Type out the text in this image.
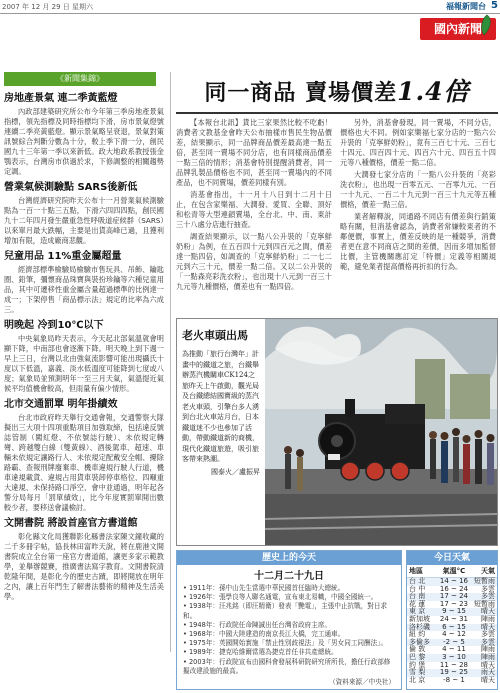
2007 年 12 月 29 日 星期六	福報新聞台 5
國內新聞
《新聞集錦》
房地產景氣 連二季黃藍燈

內政部建築研究所公布今年第三季房地產景氣指標，領先指標及同時指標均下滑，房市景氣燈號連續二季亮黃藍燈。顯示景氣略呈衰退，景氣對策訊號綜合判斷分數為十分，較上季下滑一分，創民國九十三年第一季以來新低。政大地政系教授張金鶚表示，台灣房市供過於求，下修調整的相關趨勢定調。

營業氣候測驗點 SARS後新低

台灣經濟研究院昨天公布十一月營業氣候測驗點為一百一十點三五點，下滑六四四四點，創民國九十二年四月發生嚴重急性呼吸道症候群（SARS）以來單月最大跌幅，主要是出貨高峰已過，且獲利增加有限，造成廠商悲觀。

兒童用品 11%重金屬超量

經濟部標準檢驗局檢驗市售玩具、吊飾、鑰匙圈、鉛筆，彌懷商品珠寶與裝扮珍鑰等六種兒童用品，其中可遷移性重金屬含量超過標準的比例達一成一；下架停售「商品標示法」規定的比率為六成三。

明晚起 冷到10℃以下

中央氣象局昨天表示，今天起北部氣溫就會明顯下降，中南部也會逐漸下降。明天晚上到下週一早上三日，台灣以北由強氣流影響可能出現攝氏十度以下低溫，嘉義、淡水低溫度可能降到七度或八度；氣象局並預測明年一至三月天氣，氣溫提近氣候平均值機會較高，但雨量有偏少情形。

北市交通罰單 明年掛績效

台北市政府昨天舉行交通會報，交通警察大隊擬出三大項十四項重點項目加強取締，包括違反號誌管制（闖紅燈、不依號誌行駛）、未依規定轉彎、跨越雙白線（雙黃線）、酒後駕車、超速、車輛未依規定讓路行人、未依規定配戴安全帽、擾除路霸、查報刑牌廢棄車、機車違規行駛人行道，機車違規載貨、違規占用貨車裝卸停車格位、四噸重大違規、未保持路口淨空、會中並通過，明年起各警分局每月「罰單績效」，比今年度實罰單開出數較少者，要移送會議檢討。

文開書院 將設首座官方書道館

彰化縣文化局獲聯影化縣書法家陳文鐘收藏的二千多冊字帖，協長林田富昨天說，將在鹿港文開書院成立全台第一座官方書道館，讓更多家示範教學，並舉辦競賽，推廣書法寫字教育。文開書院清乾隆年間，是彰化今的歷史古蹟，即將開放在明年之內，讓上百年門生了解書法藝術的精神及生活美學。

同一商品 賣場價差1.4倍

【本報台北訊】貨比三家果然比較不吃虧！消費者文教基金會昨天公布抽樣市售民生物品價差，結果顯示，同一品牌商品價差最高達一點五倍，甚至同一賣場不同分店，也有同樣商品價差一點三倍的情形；消基會特別提醒消費者，同一品牌乳製品價格也不同，甚至同一賣場內的不同產品，也不同賣場，價差同樣有別。

消基會指出，十一月十八日到十二月十日止，在包含家樂福、大潤發、愛買、全聯、頂好和松青等大型連鎖賣場，全台北、中、南、東計三十八處分店進行抽查。

調查結果顯示，以一點八公升裝的「克寧鮮奶粉」為例，在五百四十元到四百元之間，價差達一點四倍，如調查的「克寧鮮奶粉」二一七二元到六三十元，價差一點二倍。又以二公升裝的「一點森亮彩洗衣粉」，也出現十八元到一百三十九元等九種價格，價差也有一點四倍。

另外，消基會發現，同一賣場，不同分店，價格也大不同。例如家樂福七家分店的一點六公升裝的「克寧鮮奶粉」，竟有三百七十元、三百七十四元、四百四十元、四百六十元、四百五十四元等八種價格，價差一點二倍。

大潤發七家分店的「一點八公升裝的「亮彩洗衣粉」，也出現一百零五元、一百零九元、一百一十九元、一百二十九元到一百三十九元等五種價格，價差一點三倍。

業者解釋說，同通路不同店有價差與行銷策略有關，但消基會認為，消費者常嫌較東者的不鄰便價，事實上，價差反映的是一種競爭，消費者更在意不同商店之間的差價，因而多增加監督比價，主管機關應訂定「特價」定義等相關規範，避免業者提高價格再折扣的行為。

老火車頭出馬

為推動「旅行台灣年」計畫中的鐵道之旅，台鐵舉辦蒸汽機關車CK124之旅昨天上午啟動，觀光局及台鐵總結國寶級的蒸汽老火車頭，引擎台多人湧到台北火車站月台，日本鐵道迷不少也參加了活動，帶動鐵道新的商機，現代化鐵道旅遊，吸引旅客帶來熱潮。

國泰火／盧振昇

歷史上的今天
十二月二十九日
• 1911年：孫中山先生當選中華民國首任臨時大總統。
• 1926年：張學良等人聯名通電，宣布東北易幟，中國全國統一。
• 1938年：汪兆銘（即汪精衛）發表「艷電」，主張中止抗戰，對日求和。
• 1948年：行政院任命陳誠出任台灣省政府主席。
• 1968年：中國大陸建造的南京長江大橋，完工通車。
• 1975年：英國開始實施「禁止性別歧視法」及「男女同工同酬法」。
• 1989年：捷克哈維爾當選為捷克首任非共產總統。
• 2003年：行政院宣布由國科會發展科研院研究所所長，擔任行政部修擬改建設施的最高。
（資料來源／中央社）
今日天氣
地區	氣溫°C	天氣
台 北	14 ~ 16 短暫雨
台 中	16 ~ 24	多雲
台 南	17 ~ 24	多雲
花 蓮	17 ~ 23 短暫雨
東 京	9 ~ 15	晴天
新加坡	24 ~ 31	陣雨
洛杉磯	6 ~ 15	晴天
紐 約	4 ~ 12	多雲
多倫多	-2 ~ 5	多雲
倫 敦	4 ~ 11	陣雨
巴 黎	3 ~ 10	陣雨
約 堡	11 ~ 28	晴天
雪 梨	19 ~ 25	雨天
北 京	-8 ~ 1	晴天
